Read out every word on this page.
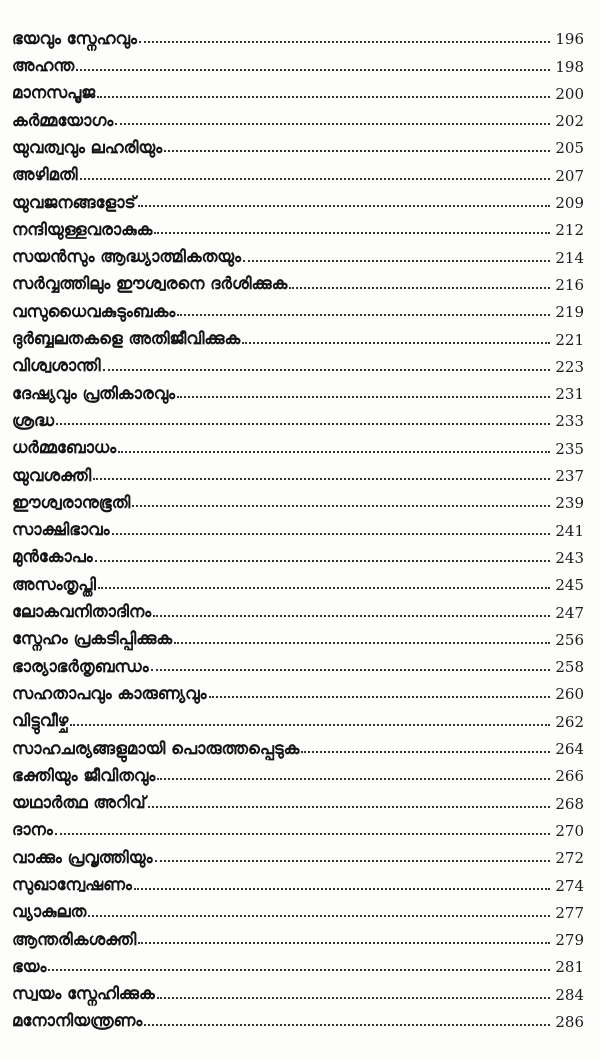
ഭയവും സ്നേഹവും	196
അഹന്ത	198
മാനസപൂജ	200
കർമ്മയോഗം	202
യുവത്വവും ലഹരിയും	205
അഴിമതി	207
യുവജനങ്ങളോട്	209
നന്ദിയുള്ളവരാകുക	212
സയൻസും ആദ്ധ്യാത്മികതയും	214
സർവ്വത്തിലും ഈശ്വരനെ ദർശിക്കുക	216
വസുധൈവകുടുംബകം	219
ദുർബ്ബലതകളെ അതിജീവിക്കുക	221
വിശ്വശാന്തി	223
ദേഷ്യവും പ്രതികാരവും	231
ശ്രദ്ധ	233
ധർമ്മബോധം	235
യുവശക്തി	237
ഈശ്വരാനുഭൂതി	239
സാക്ഷിഭാവം	241
മുൻകോപം	243
അസംതൃപ്തി	245
ലോകവനിതാദിനം	247
സ്നേഹം പ്രകടിപ്പിക്കുക	256
ഭാര്യാഭർതൃബന്ധം	258
സഹതാപവും കാരുണ്യവും	260
വിട്ടുവീഴ്ച	262
സാഹചര്യങ്ങളുമായി പൊരുത്തപ്പെടുക	264
ഭക്തിയും ജീവിതവും	266
യഥാർത്ഥ അറിവ്	268
ദാനം	270
വാക്കും പ്രവൃത്തിയും	272
സുഖാന്വേഷണം	274
വ്യാകുലത	277
ആന്തരികശക്തി	279
ഭയം	281
സ്വയം സ്നേഹിക്കുക	284
മനോനിയന്ത്രണം	286
